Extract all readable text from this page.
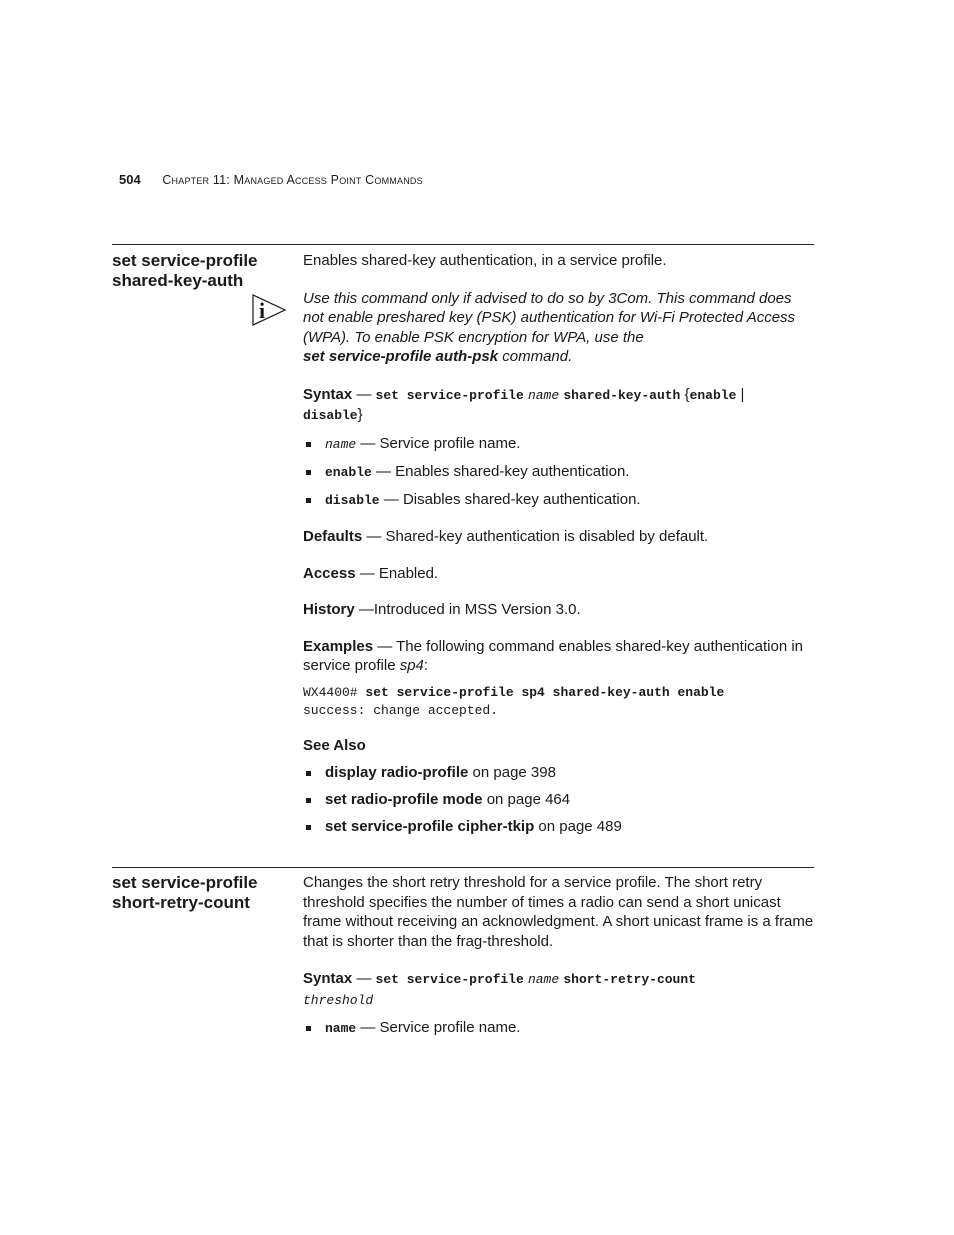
504 Chapter 11: Managed Access Point Commands
set service-profile
shared-key-auth
i

Enables shared-key authentication, in a service profile.

Use this command only if advised to do so by 3Com. This command does not enable preshared key (PSK) authentication for Wi-Fi Protected Access (WPA). To enable PSK encryption for WPA, use the
set service-profile auth-psk command.

Syntax — set service-profile name shared-key-auth {enable |
disable}

name — Service profile name.
enable — Enables shared-key authentication.
disable — Disables shared-key authentication.

Defaults — Shared-key authentication is disabled by default.

Access — Enabled.

History —Introduced in MSS Version 3.0.

Examples — The following command enables shared-key authentication in service profile sp4:

WX4400# set service-profile sp4 shared-key-auth enable
success: change accepted.

See Also

display radio-profile on page 398
set radio-profile mode on page 464
set service-profile cipher-tkip on page 489
set service-profile
short-retry-count

Changes the short retry threshold for a service profile. The short retry threshold specifies the number of times a radio can send a short unicast frame without receiving an acknowledgment. A short unicast frame is a frame that is shorter than the frag-threshold.

Syntax — set service-profile name short-retry-count
threshold

name — Service profile name.
